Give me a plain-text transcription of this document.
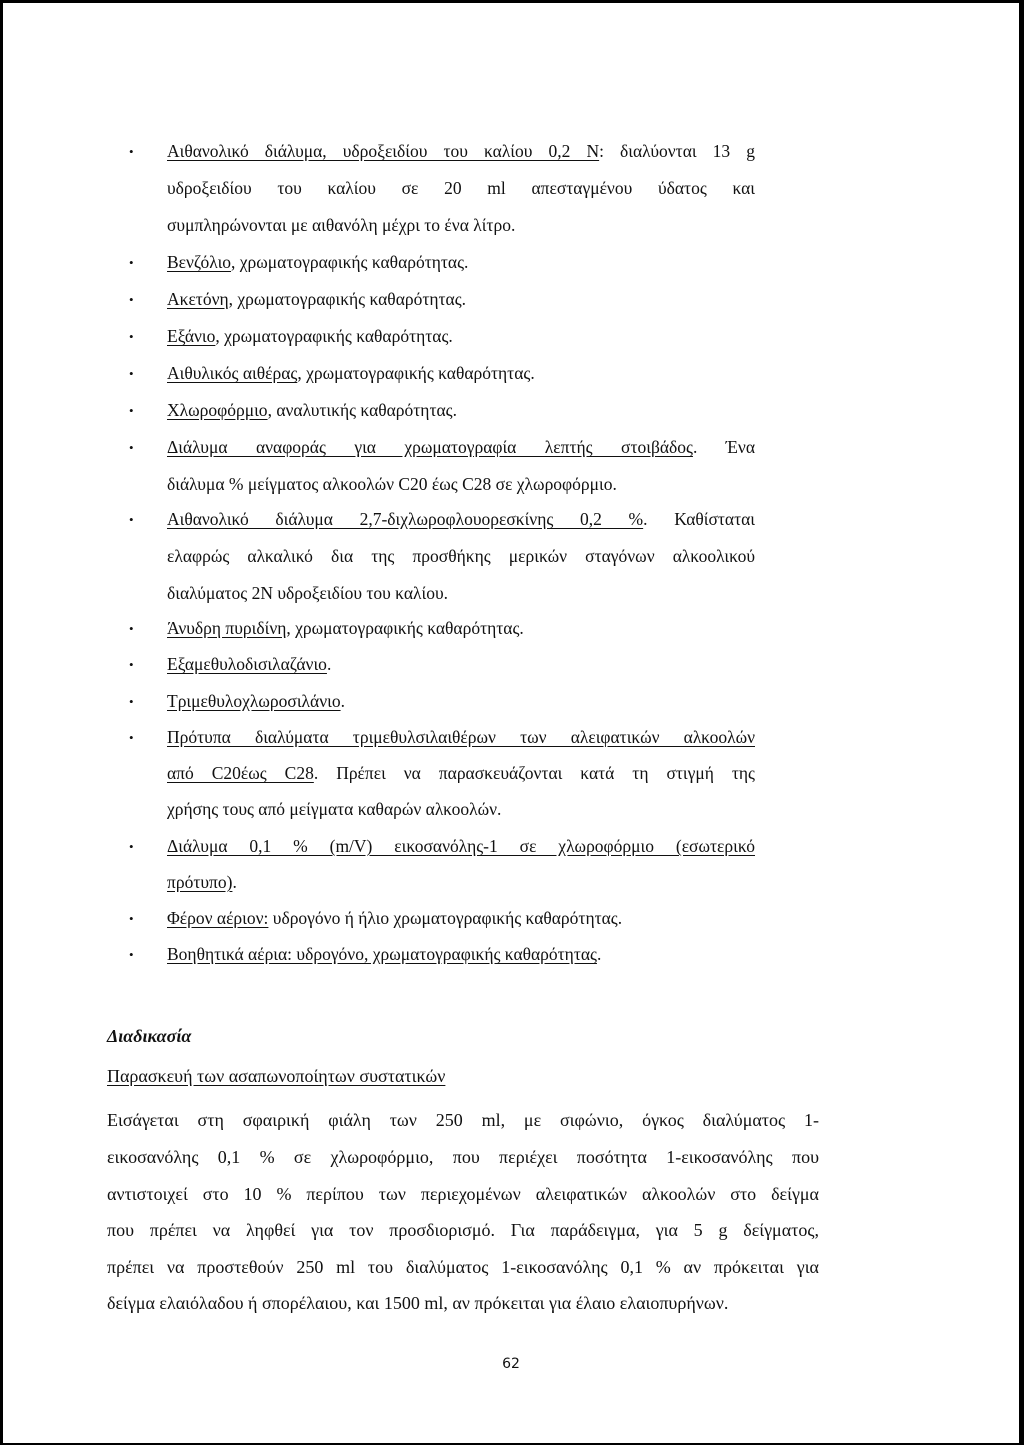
• Αιθανολικό διάλυμα, υδροξειδίου του καλίου 0,2 Ν: διαλύονται 13 g
υδροξειδίου του καλίου σε 20 ml απεσταγμένου ύδατος και
συμπληρώνονται με αιθανόλη μέχρι το ένα λίτρο.
• Βενζόλιο, χρωματογραφικής καθαρότητας.
• Ακετόνη, χρωματογραφικής καθαρότητας.
• Εξάνιο, χρωματογραφικής καθαρότητας.
• Αιθυλικός αιθέρας, χρωματογραφικής καθαρότητας.
• Χλωροφόρμιο, αναλυτικής καθαρότητας.
• Διάλυμα αναφοράς για χρωματογραφία λεπτής στοιβάδος. Ένα
διάλυμα % μείγματος αλκοολών C20 έως C28 σε χλωροφόρμιο.
• Αιθανολικό διάλυμα 2,7-διχλωροφλουορεσκίνης 0,2 %. Καθίσταται
ελαφρώς αλκαλικό δια της προσθήκης μερικών σταγόνων αλκοολικού
διαλύματος 2Ν υδροξειδίου του καλίου.
• Άνυδρη πυριδίνη, χρωματογραφικής καθαρότητας.
• Εξαμεθυλοδισιλαζάνιο.
• Τριμεθυλοχλωροσιλάνιο.
• Πρότυπα διαλύματα τριμεθυλσιλαιθέρων των αλειφατικών αλκοολών
από C20έως C28. Πρέπει να παρασκευάζονται κατά τη στιγμή της
χρήσης τους από μείγματα καθαρών αλκοολών.
• Διάλυμα 0,1 % (m/V) εικοσανόλης-1 σε χλωροφόρμιο (εσωτερικό
πρότυπο).
• Φέρον αέριον: υδρογόνο ή ήλιο χρωματογραφικής καθαρότητας.
• Βοηθητικά αέρια: υδρογόνο, χρωματογραφικής καθαρότητας.
Διαδικασία
Παρασκευή των ασαπωνοποίητων συστατικών
Εισάγεται στη σφαιρική φιάλη των 250 ml, με σιφώνιο, όγκος διαλύματος 1-
εικοσανόλης 0,1 % σε χλωροφόρμιο, που περιέχει ποσότητα 1-εικοσανόλης που
αντιστοιχεί στο 10 % περίπου των περιεχομένων αλειφατικών αλκοολών στο δείγμα
που πρέπει να ληφθεί για τον προσδιορισμό. Για παράδειγμα, για 5 g δείγματος,
πρέπει να προστεθούν 250 ml του διαλύματος 1-εικοσανόλης 0,1 % αν πρόκειται για
δείγμα ελαιόλαδου ή σπορέλαιου, και 1500 ml, αν πρόκειται για έλαιο ελαιοπυρήνων.
62
